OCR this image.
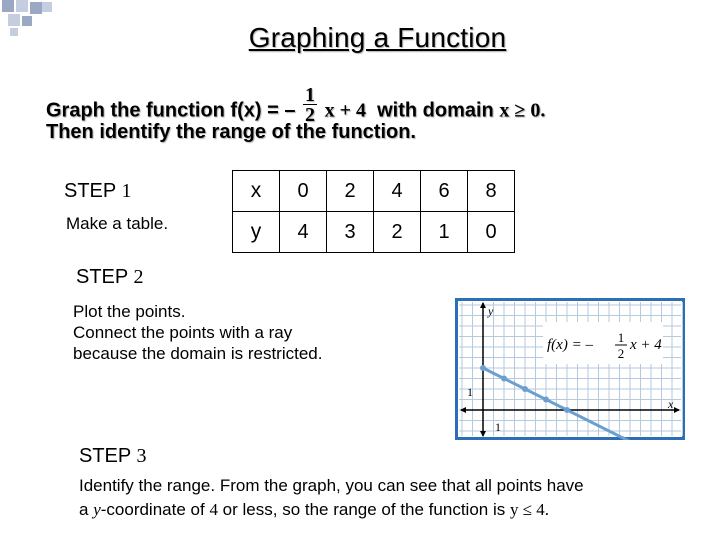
Graphing a Function
Graph the function f(x) = – $\frac{1}{2}$ x + 4 with domain x ≥ 0.
Then identify the range of the function.
STEP 1
Make a table.
x	0	2	4	6	8
y	4	3	2	1	0
STEP 2
Plot the points.
Connect the points with a ray
because the domain is restricted.
y
x
1
1
f(x) = – 1
2
x + 4
STEP 3
Identify the range. From the graph, you can see that all points have
a y-coordinate of 4 or less, so the range of the function is y ≤ 4.
